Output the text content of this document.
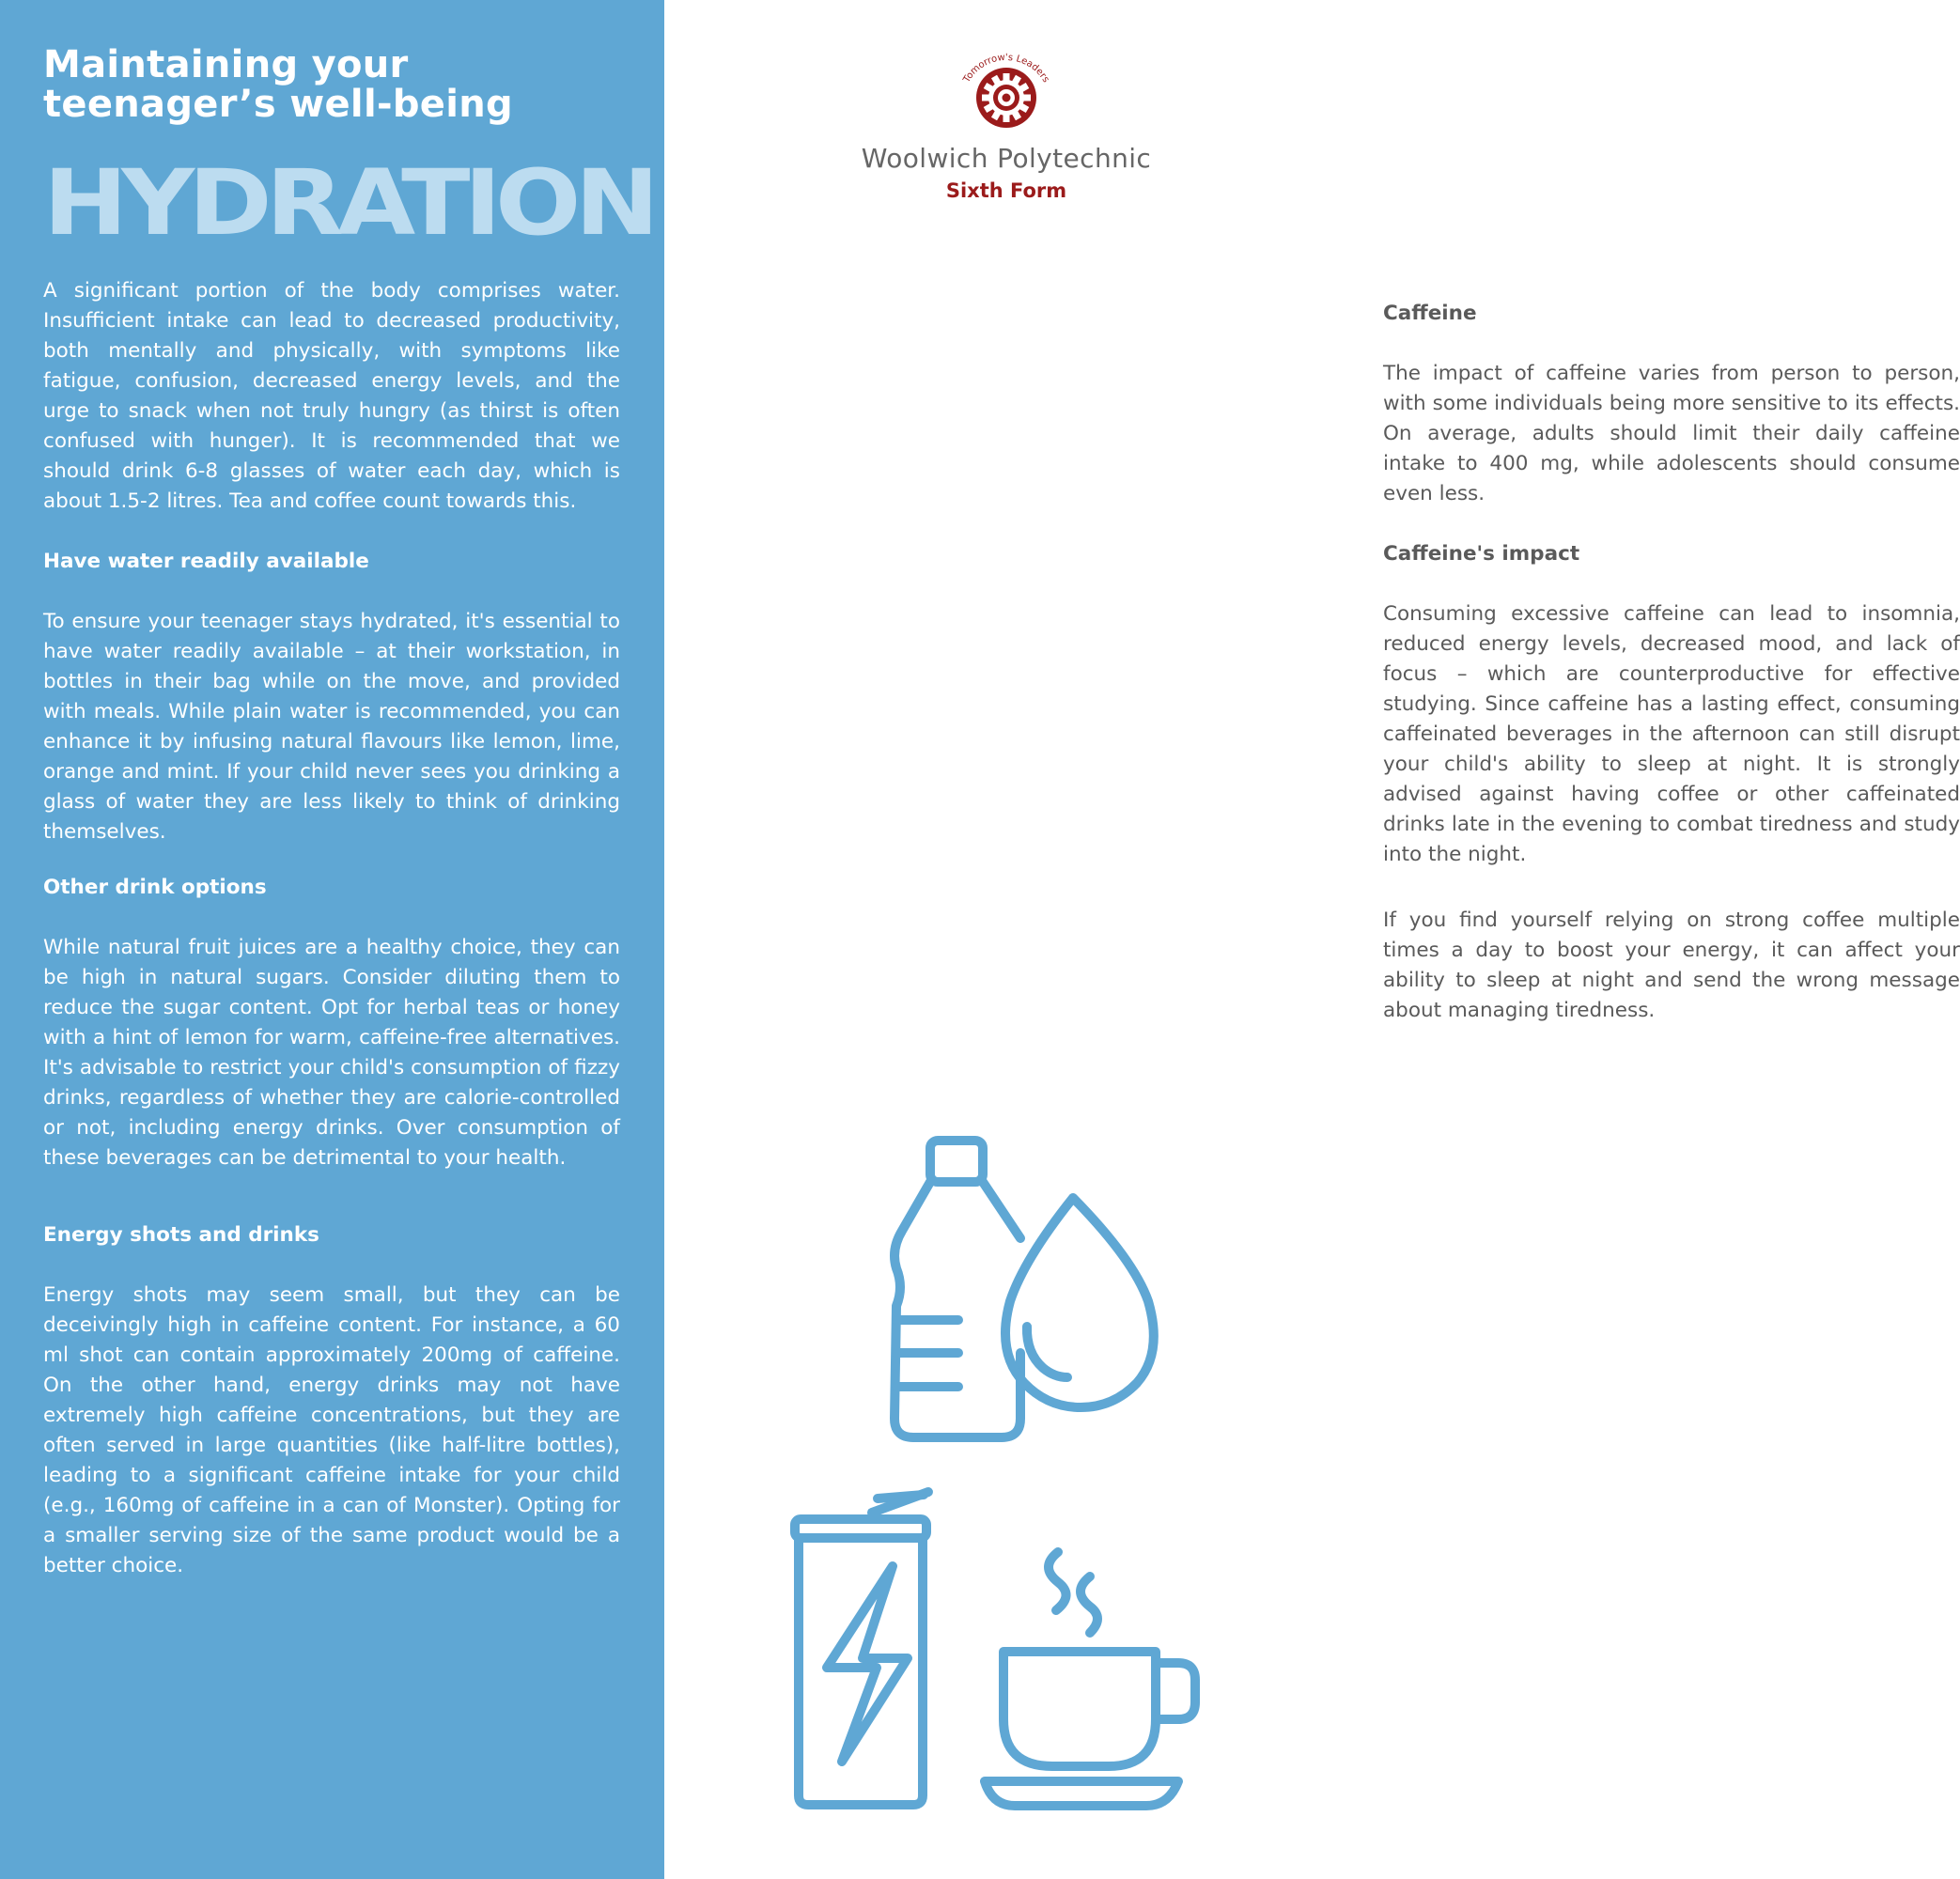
Maintaining your
teenager’s well-being
HYDRATION

A significant portion of the body comprises water. Insufficient intake can lead to decreased productivity, both mentally and physically, with symptoms like fatigue, confusion, decreased energy levels, and the urge to snack when not truly hungry (as thirst is often confused with hunger). It is recommended that we should drink 6-8 glasses of water each day, which is about 1.5-2 litres. Tea and coffee count towards this.

Have water readily available

To ensure your teenager stays hydrated, it's essential to have water readily available – at their workstation, in bottles in their bag while on the move, and provided with meals. While plain water is recommended, you can enhance it by infusing natural flavours like lemon, lime, orange and mint. If your child never sees you drinking a glass of water they are less likely to think of drinking themselves.

Other drink options

While natural fruit juices are a healthy choice, they can be high in natural sugars. Consider diluting them to reduce the sugar content. Opt for herbal teas or honey with a hint of lemon for warm, caffeine-free alternatives. It's advisable to restrict your child's consumption of fizzy drinks, regardless of whether they are calorie-controlled or not, including energy drinks. Over consumption of these beverages can be detrimental to your health.

Energy shots and drinks

Energy shots may seem small, but they can be deceivingly high in caffeine content. For instance, a 60 ml shot can contain approximately 200mg of caffeine. On the other hand, energy drinks may not have extremely high caffeine concentrations, but they are often served in large quantities (like half-litre bottles), leading to a significant caffeine intake for your child (e.g., 160mg of caffeine in a can of Monster). Opting for a smaller serving size of the same product would be a better choice.

Caffeine

The impact of caffeine varies from person to person, with some individuals being more sensitive to its effects. On average, adults should limit their daily caffeine intake to 400 mg, while adolescents should consume even less.

Caffeine's impact

Consuming excessive caffeine can lead to insomnia, reduced energy levels, decreased mood, and lack of focus – which are counterproductive for effective studying. Since caffeine has a lasting effect, consuming caffeinated beverages in the afternoon can still disrupt your child's ability to sleep at night. It is strongly advised against having coffee or other caffeinated drinks late in the evening to combat tiredness and study into the night.

If you find yourself relying on strong coffee multiple times a day to boost your energy, it can affect your ability to sleep at night and send the wrong message about managing tiredness.

Tomorrow's Leaders
Woolwich Polytechnic
Sixth Form
